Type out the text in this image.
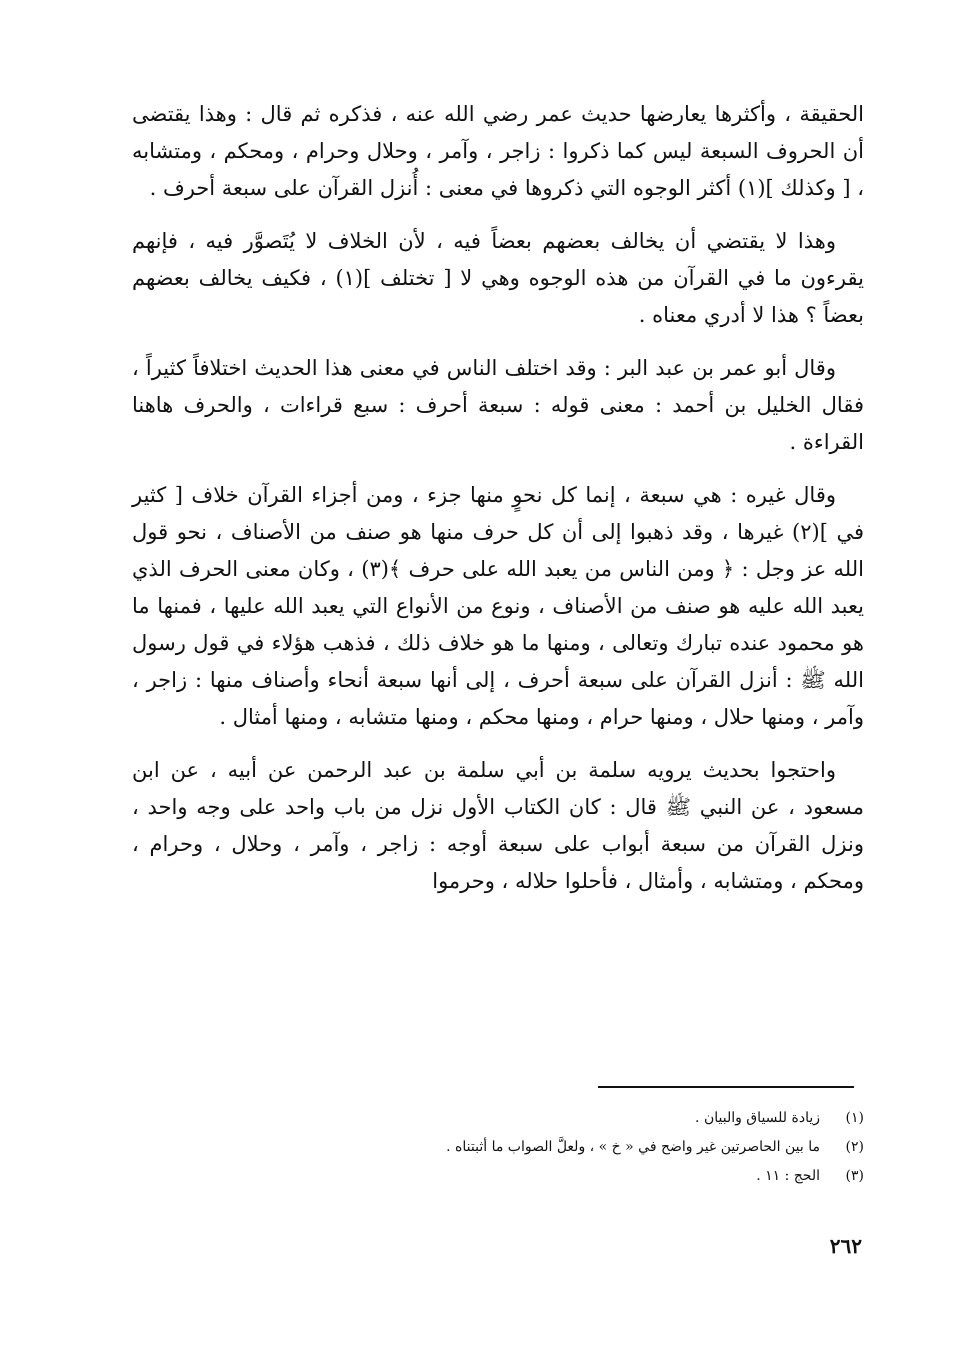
الحقيقة ، وأكثرها يعارضها حديث عمر رضي الله عنه ، فذكره ثم قال : وهذا يقتضى أن الحروف السبعة ليس كما ذكروا : زاجر ، وآمر ، وحلال وحرام ، ومحكم ، ومتشابه ، [ وكذلك ](١) أكثر الوجوه التي ذكروها في معنى : أُنزل القرآن على سبعة أحرف .

وهذا لا يقتضي أن يخالف بعضهم بعضاً فيه ، لأن الخلاف لا يُتَصوَّر فيه ، فإنهم يقرءون ما في القرآن من هذه الوجوه وهي لا [ تختلف ](١) ، فكيف يخالف بعضهم بعضاً ؟ هذا لا أدري معناه .

وقال أبو عمر بن عبد البر : وقد اختلف الناس في معنى هذا الحديث اختلافاً كثيراً ، فقال الخليل بن أحمد : معنى قوله : سبعة أحرف : سبع قراءات ، والحرف هاهنا القراءة .

وقال غيره : هي سبعة ، إنما كل نحوٍ منها جزء ، ومن أجزاء القرآن خلاف [ كثير في ](٢) غيرها ، وقد ذهبوا إلى أن كل حرف منها هو صنف من الأصناف ، نحو قول الله عز وجل : ﴿ ومن الناس من يعبد الله على حرف ﴾(٣) ، وكان معنى الحرف الذي يعبد الله عليه هو صنف من الأصناف ، ونوع من الأنواع التي يعبد الله عليها ، فمنها ما هو محمود عنده تبارك وتعالى ، ومنها ما هو خلاف ذلك ، فذهب هؤلاء في قول رسول الله ﷺ : أنزل القرآن على سبعة أحرف ، إلى أنها سبعة أنحاء وأصناف منها : زاجر ، وآمر ، ومنها حلال ، ومنها حرام ، ومنها محكم ، ومنها متشابه ، ومنها أمثال .

واحتجوا بحديث يرويه سلمة بن أبي سلمة بن عبد الرحمن عن أبيه ، عن ابن مسعود ، عن النبي ﷺ قال : كان الكتاب الأول نزل من باب واحد على وجه واحد ، ونزل القرآن من سبعة أبواب على سبعة أوجه : زاجر ، وآمر ، وحلال ، وحرام ، ومحكم ، ومتشابه ، وأمثال ، فأحلوا حلاله ، وحرموا

(١)
زيادة للسياق والبيان .
(٢)
ما بين الحاصرتين غير واضح في « خ » ، ولعلَّ الصواب ما أثبتناه .
(٣)
الحج : ١١ .
٢٦٢
